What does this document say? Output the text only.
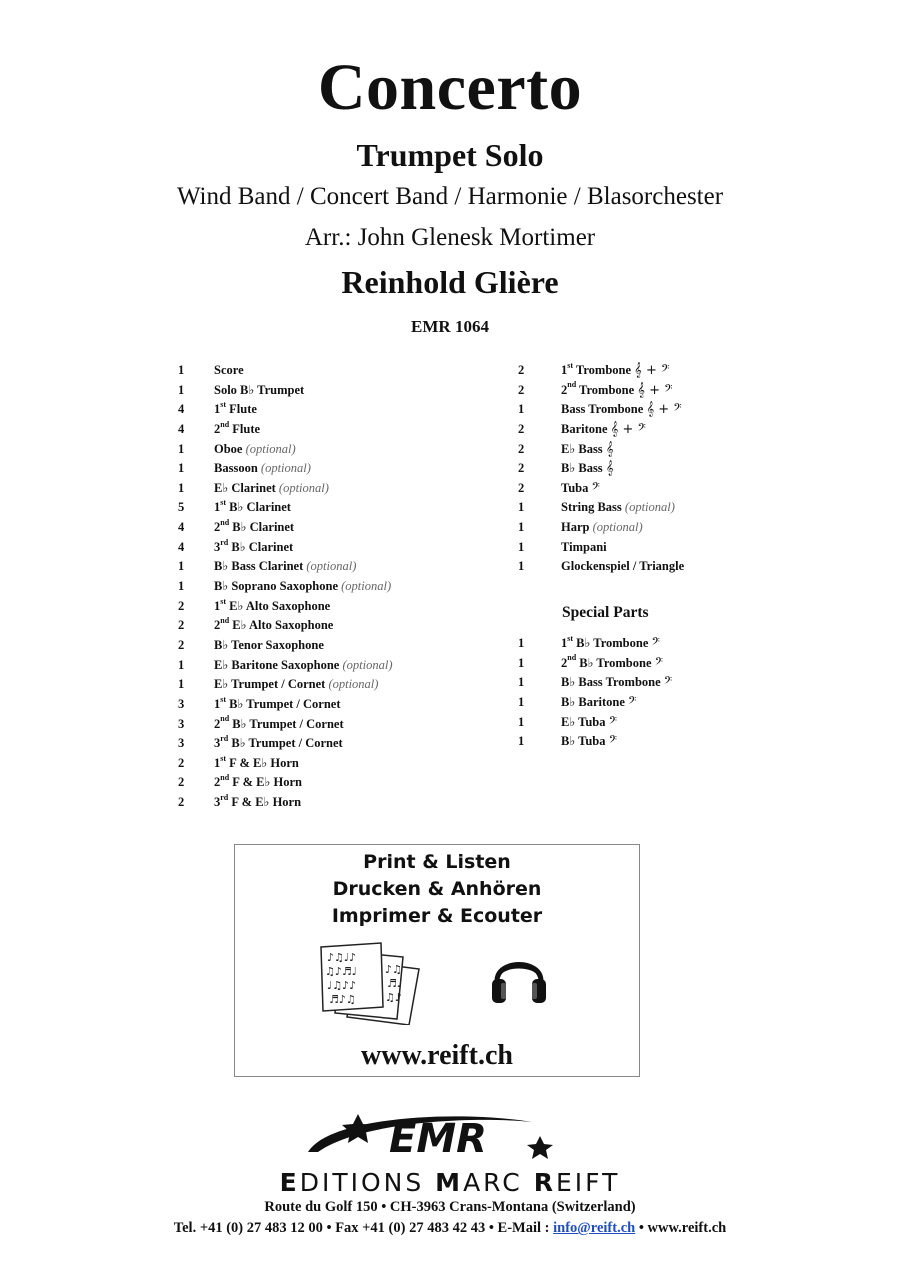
Concerto
Trumpet Solo
Wind Band / Concert Band / Harmonie / Blasorchester
Arr.: John Glenesk Mortimer
Reinhold Glière
EMR 1064
1 Score
1 Solo B♭ Trumpet
4 1st Flute
4 2nd Flute
1 Oboe (optional)
1 Bassoon (optional)
1 E♭ Clarinet (optional)
5 1st B♭ Clarinet
4 2nd B♭ Clarinet
4 3rd B♭ Clarinet
1 B♭ Bass Clarinet (optional)
1 B♭ Soprano Saxophone (optional)
2 1st E♭ Alto Saxophone
2 2nd E♭ Alto Saxophone
2 B♭ Tenor Saxophone
1 E♭ Baritone Saxophone (optional)
1 E♭ Trumpet / Cornet (optional)
3 1st B♭ Trumpet / Cornet
3 2nd B♭ Trumpet / Cornet
3 3rd B♭ Trumpet / Cornet
2 1st F & E♭ Horn
2 2nd F & E♭ Horn
2 3rd F & E♭ Horn
2	1st Trombone 𝄞 + 𝄢
2	2nd Trombone 𝄞 + 𝄢
1	Bass Trombone 𝄞 + 𝄢
2	Baritone 𝄞 + 𝄢
2	E♭ Bass 𝄞
2	B♭ Bass 𝄞
2	Tuba 𝄢
1	String Bass (optional)
1	Harp (optional)
1	Timpani
1	Glockenspiel / Triangle
Special Parts
1	1st B♭ Trombone 𝄢
1	2nd B♭ Trombone 𝄢
1	B♭ Bass Trombone 𝄢
1	B♭ Baritone 𝄢
1	E♭ Tuba 𝄢
1	B♭ Tuba 𝄢
Print & Listen
Drucken & Anhören
Imprimer & Ecouter
♪♫♩♪
♫♪♬♩
♩♫♪♪
♬♪♫
♪♫
♬♩
♫♪
www.reift.ch
EMR
EDITIONS MARC REIFT
Route du Golf 150 • CH-3963 Crans-Montana (Switzerland)
Tel. +41 (0) 27 483 12 00 • Fax +41 (0) 27 483 42 43 • E-Mail : info@reift.ch • www.reift.ch
